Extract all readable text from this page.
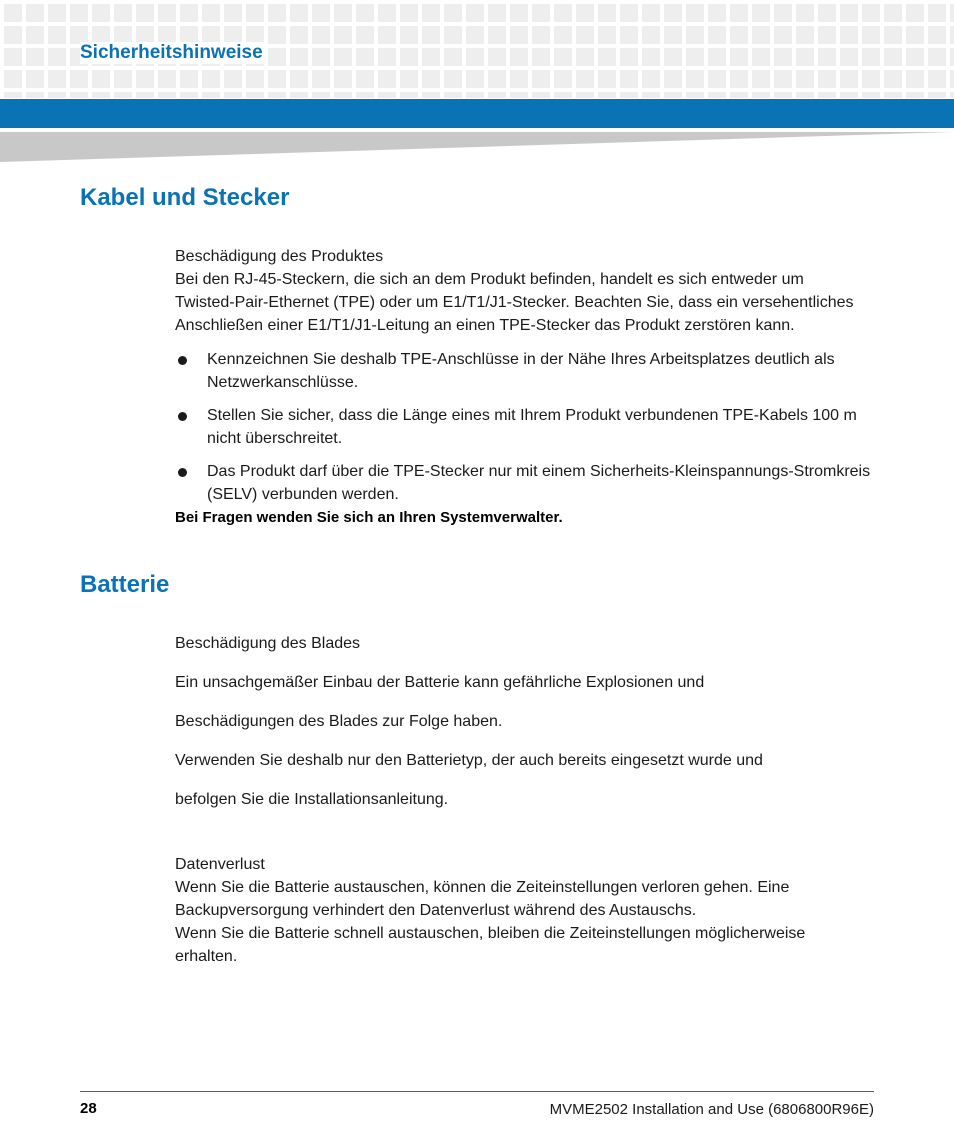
Sicherheitshinweise
Kabel und Stecker
Beschädigung des Produktes
Bei den RJ-45-Steckern, die sich an dem Produkt befinden, handelt es sich entweder um
Twisted-Pair-Ethernet (TPE) oder um E1/T1/J1-Stecker. Beachten Sie, dass ein versehentliches
Anschließen einer E1/T1/J1-Leitung an einen TPE-Stecker das Produkt zerstören kann.
Kennzeichnen Sie deshalb TPE-Anschlüsse in der Nähe Ihres Arbeitsplatzes deutlich als Netzwerkanschlüsse.
Stellen Sie sicher, dass die Länge eines mit Ihrem Produkt verbundenen TPE-Kabels 100 m nicht überschreitet.
Das Produkt darf über die TPE-Stecker nur mit einem Sicherheits-Kleinspannungs-Stromkreis (SELV) verbunden werden.

Bei Fragen wenden Sie sich an Ihren Systemverwalter.

Batterie

Beschädigung des Blades

Ein unsachgemäßer Einbau der Batterie kann gefährliche Explosionen und

Beschädigungen des Blades zur Folge haben.

Verwenden Sie deshalb nur den Batterietyp, der auch bereits eingesetzt wurde und

befolgen Sie die Installationsanleitung.

Datenverlust
Wenn Sie die Batterie austauschen, können die Zeiteinstellungen verloren gehen. Eine
Backupversorgung verhindert den Datenverlust während des Austauschs.
Wenn Sie die Batterie schnell austauschen, bleiben die Zeiteinstellungen möglicherweise
erhalten.

28	MVME2502 Installation and Use (6806800R96E)
